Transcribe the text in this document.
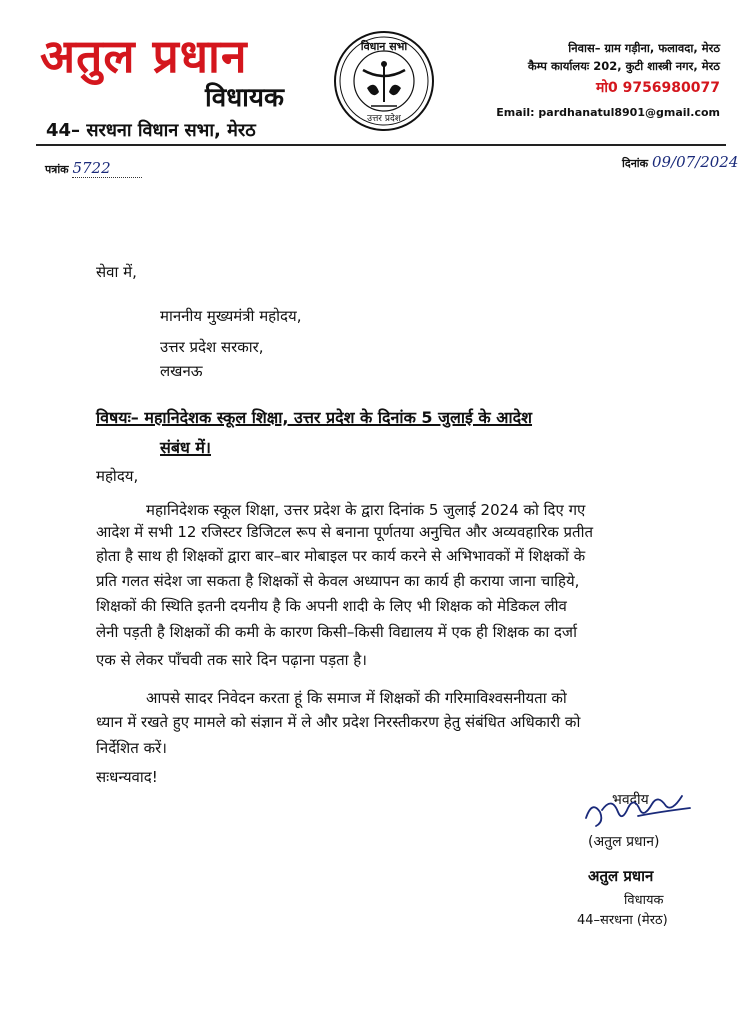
अतुल प्रधान
विधायक
44– सरधना विधान सभा, मेरठ
विधान सभा
उत्तर प्रदेश
निवास– ग्राम गड़ीना, फलावदा, मेरठ
कैम्प कार्यालयः 202, कुटी शास्त्री नगर, मेरठ
मो0 9756980077
Email: pardhanatul8901@gmail.com
पत्रांक 5722	दिनांक 09/07/2024
सेवा में,
माननीय मुख्यमंत्री महोदय,
उत्तर प्रदेश सरकार,
लखनऊ
विषयः– महानिदेशक स्कूल शिक्षा, उत्तर प्रदेश के दिनांक 5 जुलाई के आदेश
संबंध में।
महोदय,
महानिदेशक स्कूल शिक्षा, उत्तर प्रदेश के द्वारा दिनांक 5 जुलाई 2024 को दिए गए
आदेश में सभी 12 रजिस्टर डिजिटल रूप से बनाना पूर्णतया अनुचित और अव्यवहारिक प्रतीत
होता है साथ ही शिक्षकों द्वारा बार–बार मोबाइल पर कार्य करने से अभिभावकों में शिक्षकों के
प्रति गलत संदेश जा सकता है शिक्षकों से केवल अध्यापन का कार्य ही कराया जाना चाहिये,
शिक्षकों की स्थिति इतनी दयनीय है कि अपनी शादी के लिए भी शिक्षक को मेडिकल लीव
लेनी पड़ती है शिक्षकों की कमी के कारण किसी–किसी विद्यालय में एक ही शिक्षक का दर्जा
एक से लेकर पाँचवी तक सारे दिन पढ़ाना पड़ता है।
आपसे सादर निवेदन करता हूं कि समाज में शिक्षकों की गरिमाविश्वसनीयता को
ध्यान में रखते हुए मामले को संज्ञान में ले और प्रदेश निरस्तीकरण हेतु संबंधित अधिकारी को
निर्देशित करें।
सःधन्यवाद!
भवदीय
(अतुल प्रधान)
अतुल प्रधान
विधायक
44–सरधना (मेरठ)
